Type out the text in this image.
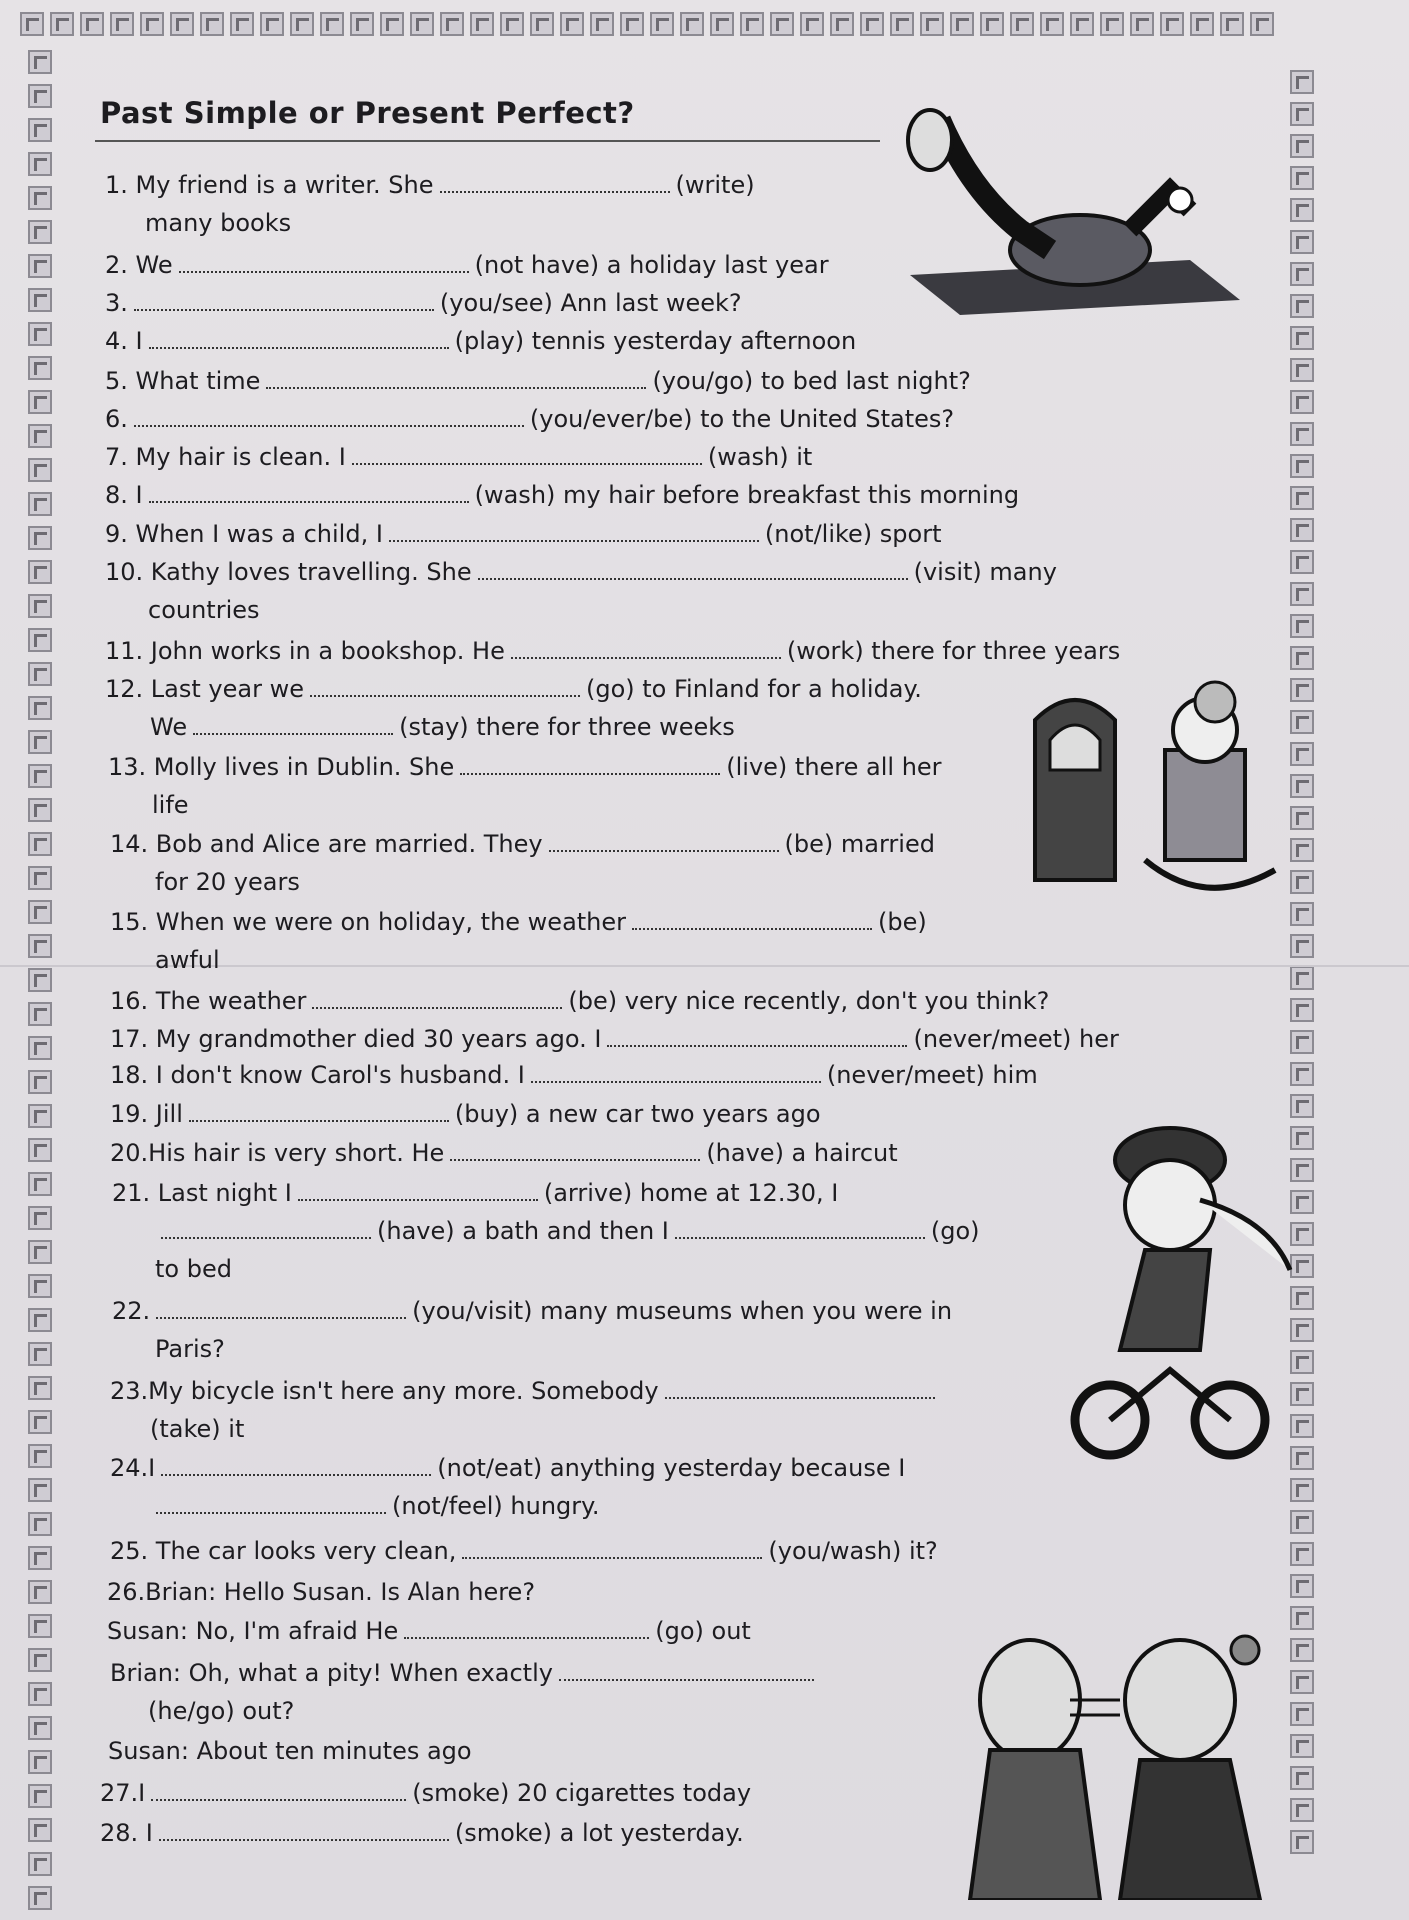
Past Simple or Present Perfect?
1. My friend is a writer. She	(write)
many books
2. We	(not have) a holiday last year
3.	(you/see) Ann last week?
4. I	(play) tennis yesterday afternoon
5. What time	(you/go) to bed last night?
6.	(you/ever/be) to the United States?
7. My hair is clean. I	(wash) it
8. I	(wash) my hair before breakfast this morning
9. When I was a child, I	(not/like) sport
10. Kathy loves travelling. She	(visit) many
countries
11. John works in a bookshop. He	(work) there for three years
12. Last year we	(go) to Finland for a holiday.
We	(stay) there for three weeks
13. Molly lives in Dublin. She	(live) there all her
life
14. Bob and Alice are married. They	(be) married
for 20 years
15. When we were on holiday, the weather	(be)
awful
16. The weather	(be) very nice recently, don't you think?
17. My grandmother died 30 years ago. I	(never/meet) her
18. I don't know Carol's husband. I	(never/meet) him
19. Jill	(buy) a new car two years ago
20.His hair is very short. He	(have) a haircut
21. Last night I	(arrive) home at 12.30, I
(have) a bath and then I	(go)
to bed
22.	(you/visit) many museums when you were in
Paris?
23.My bicycle isn't here any more. Somebody
(take) it
24.I	(not/eat) anything yesterday because I
(not/feel) hungry.
25. The car looks very clean,	(you/wash) it?
26.Brian: Hello Susan. Is Alan here?
Susan: No, I'm afraid He	(go) out
Brian: Oh, what a pity! When exactly
(he/go) out?
Susan: About ten minutes ago
27.I	(smoke) 20 cigarettes today
28. I	(smoke) a lot yesterday.
